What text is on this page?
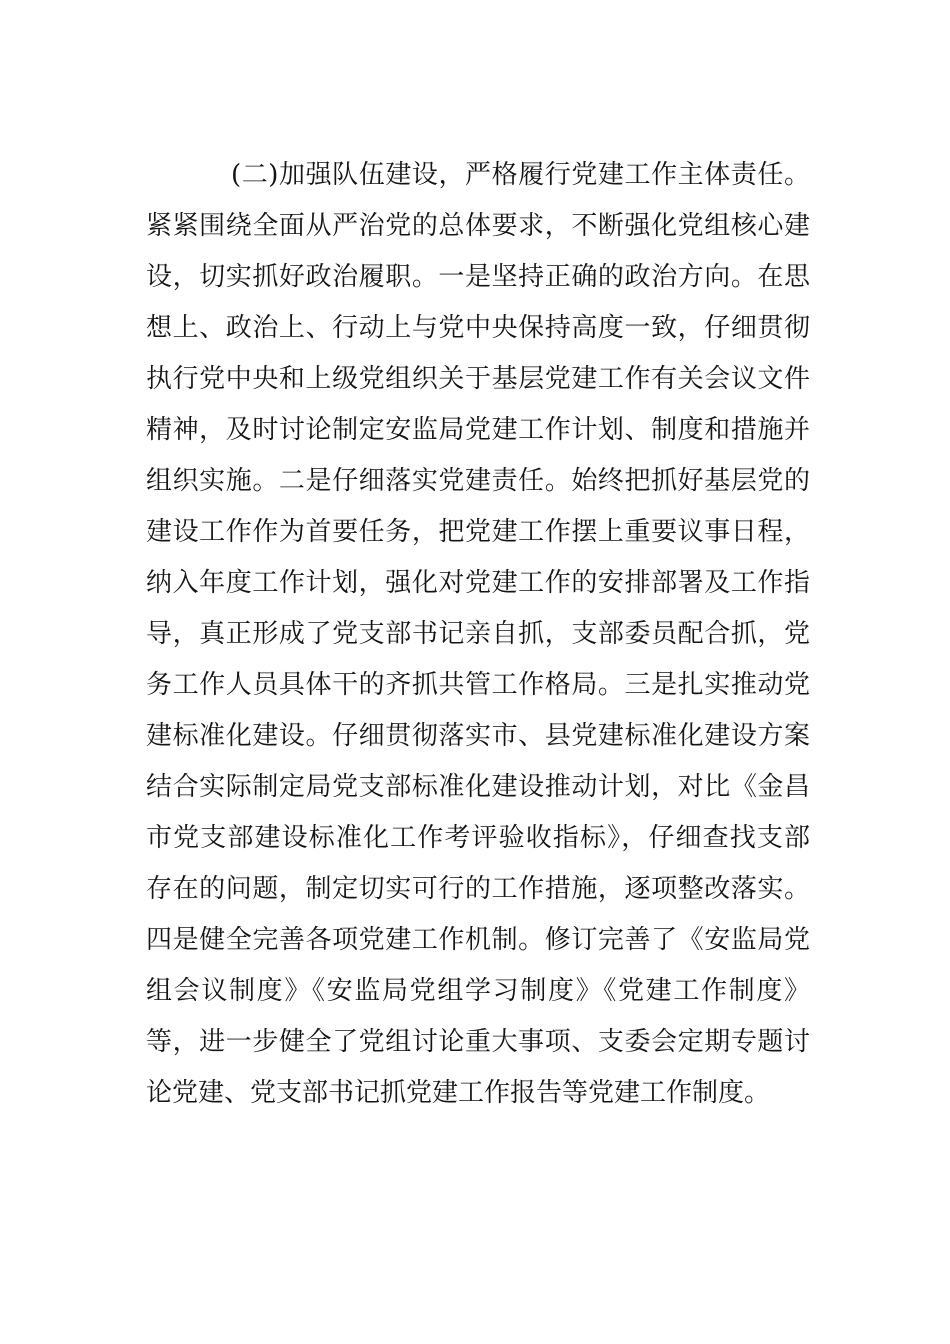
(二)加强队伍建设，严格履行党建工作主体责任。
紧紧围绕全面从严治党的总体要求，不断强化党组核心建
设，切实抓好政治履职。一是坚持正确的政治方向。在思
想上、政治上、行动上与党中央保持高度一致，仔细贯彻
执行党中央和上级党组织关于基层党建工作有关会议文件
精神，及时讨论制定安监局党建工作计划、制度和措施并
组织实施。二是仔细落实党建责任。始终把抓好基层党的
建设工作作为首要任务，把党建工作摆上重要议事日程，
纳入年度工作计划，强化对党建工作的安排部署及工作指
导，真正形成了党支部书记亲自抓，支部委员配合抓，党
务工作人员具体干的齐抓共管工作格局。三是扎实推动党
建标准化建设。仔细贯彻落实市、县党建标准化建设方案
结合实际制定局党支部标准化建设推动计划，对比《金昌
市党支部建设标准化工作考评验收指标》，仔细查找支部
存在的问题，制定切实可行的工作措施，逐项整改落实。
四是健全完善各项党建工作机制。修订完善了《安监局党
组会议制度》《安监局党组学习制度》《党建工作制度》
等，进一步健全了党组讨论重大事项、支委会定期专题讨
论党建、党支部书记抓党建工作报告等党建工作制度。
